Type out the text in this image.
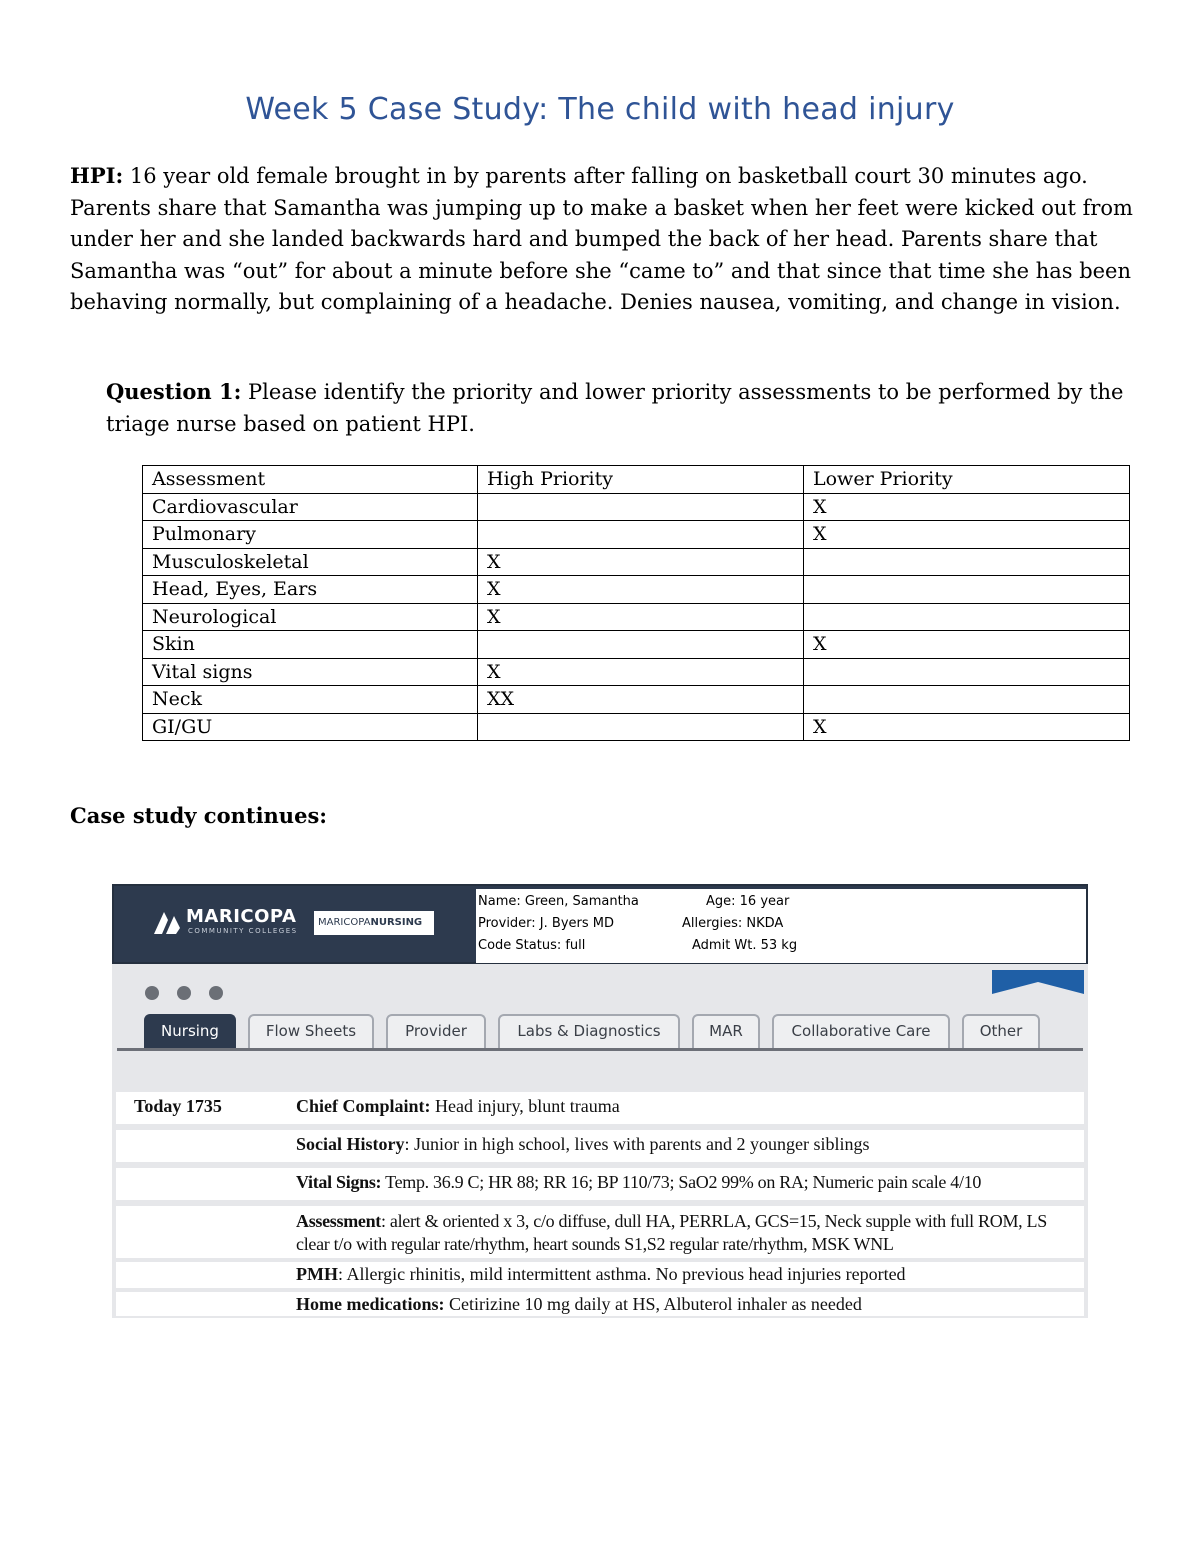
Week 5 Case Study: The child with head injury
HPI: 16 year old female brought in by parents after falling on basketball court 30 minutes ago. Parents share that Samantha was jumping up to make a basket when her feet were kicked out from under her and she landed backwards hard and bumped the back of her head. Parents share that Samantha was “out” for about a minute before she “came to” and that since that time she has been behaving normally, but complaining of a headache. Denies nausea, vomiting, and change in vision.
Question 1: Please identify the priority and lower priority assessments to be performed by the triage nurse based on patient HPI.
Assessment	High Priority	Lower Priority
Cardiovascular		X
Pulmonary		X
Musculoskeletal	X	
Head, Eyes, Ears	X	
Neurological	X	
Skin		X
Vital signs	X	
Neck	XX	
GI/GU		X
Case study continues:
MARICOPA
COMMUNITY COLLEGES
MARICOPANURSING
Name: Green, Samantha	Age: 16 year
Provider: J. Byers MD	Allergies: NKDA
Code Status: full	Admit Wt. 53 kg
Nursing	Flow Sheets	Provider	Labs & Diagnostics	MAR	Collaborative Care	Other
Today 1735	Chief Complaint: Head injury, blunt trauma
Social History: Junior in high school, lives with parents and 2 younger siblings
Vital Signs: Temp. 36.9 C; HR 88; RR 16; BP 110/73; SaO2 99% on RA; Numeric pain scale 4/10
Assessment: alert & oriented x 3, c/o diffuse, dull HA, PERRLA, GCS=15, Neck supple with full ROM, LS clear t/o with regular rate/rhythm, heart sounds S1,S2 regular rate/rhythm, MSK WNL
PMH: Allergic rhinitis, mild intermittent asthma. No previous head injuries reported
Home medications: Cetirizine 10 mg daily at HS, Albuterol inhaler as needed
